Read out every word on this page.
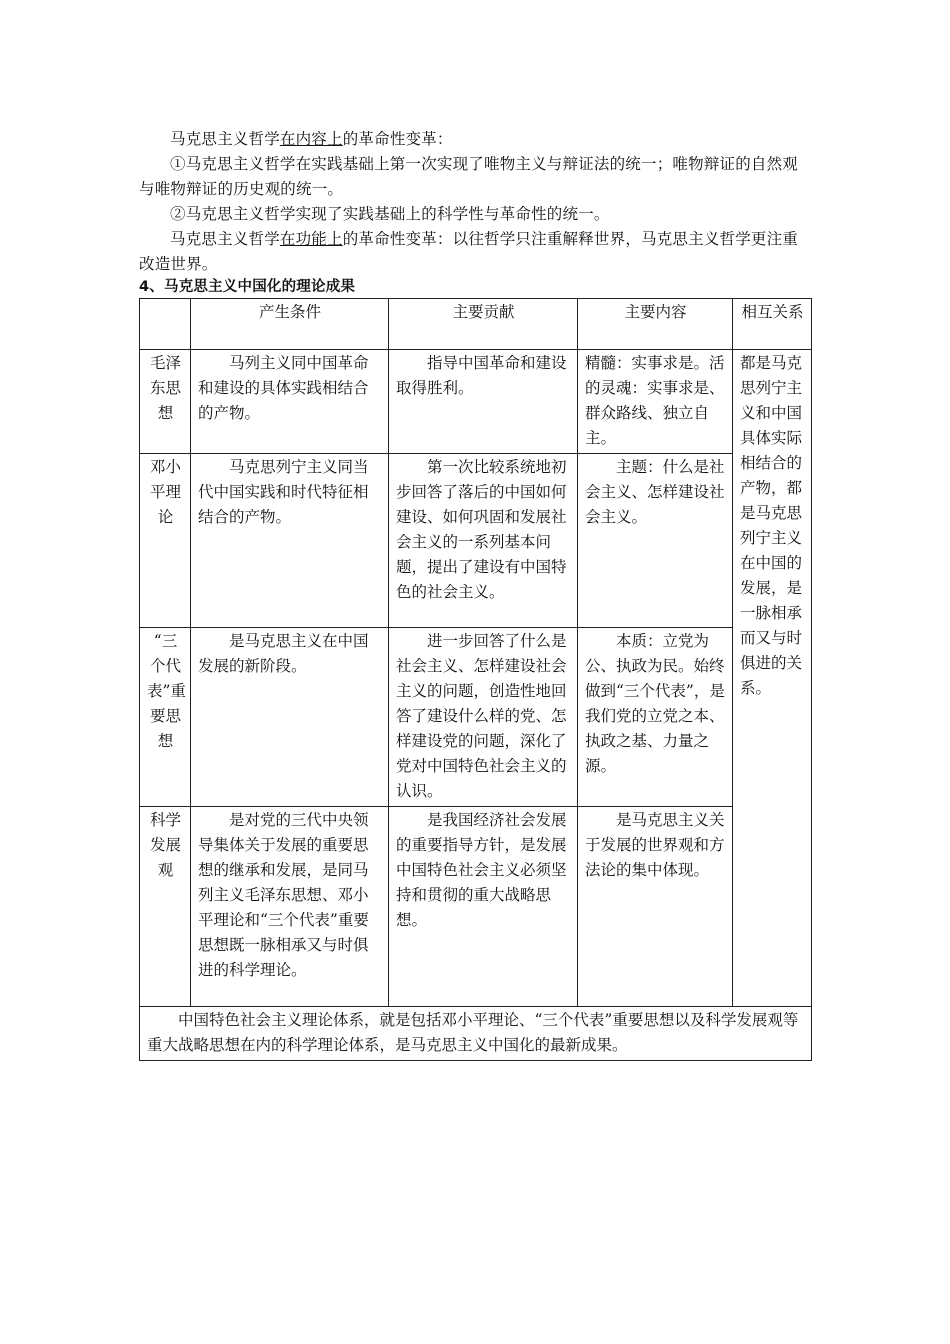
马克思主义哲学在内容上的革命性变革：

①马克思主义哲学在实践基础上第一次实现了唯物主义与辩证法的统一；唯物辩证的自然观与唯物辩证的历史观的统一。

②马克思主义哲学实现了实践基础上的科学性与革命性的统一。

马克思主义哲学在功能上的革命性变革：以往哲学只注重解释世界，马克思主义哲学更注重改造世界。

4、马克思主义中国化的理论成果

	产生条件	主要贡献	主要内容	相互关系
毛泽东思想	马列主义同中国革命和建设的具体实践相结合的产物。	指导中国革命和建设取得胜利。	精髓：实事求是。活的灵魂：实事求是、群众路线、独立自主。	都是马克思列宁主义和中国具体实际相结合的产物，都是马克思列宁主义在中国的发展，是一脉相承而又与时俱进的关系。
邓小平理论	马克思列宁主义同当代中国实践和时代特征相结合的产物。	第一次比较系统地初步回答了落后的中国如何建设、如何巩固和发展社会主义的一系列基本问题，提出了建设有中国特色的社会主义。	主题：什么是社会主义、怎样建设社会主义。	
“三个代表”重要思想	是马克思主义在中国发展的新阶段。	进一步回答了什么是社会主义、怎样建设社会主义的问题，创造性地回答了建设什么样的党、怎样建设党的问题，深化了党对中国特色社会主义的认识。	本质：立党为公、执政为民。始终做到“三个代表”，是我们党的立党之本、执政之基、力量之源。	
科学发展观	是对党的三代中央领导集体关于发展的重要思想的继承和发展，是同马列主义毛泽东思想、邓小平理论和“三个代表”重要思想既一脉相承又与时俱进的科学理论。	是我国经济社会发展的重要指导方针，是发展中国特色社会主义必须坚持和贯彻的重大战略思想。	是马克思主义关于发展的世界观和方法论的集中体现。	
中国特色社会主义理论体系，就是包括邓小平理论、“三个代表”重要思想以及科学发展观等重大战略思想在内的科学理论体系，是马克思主义中国化的最新成果。				
